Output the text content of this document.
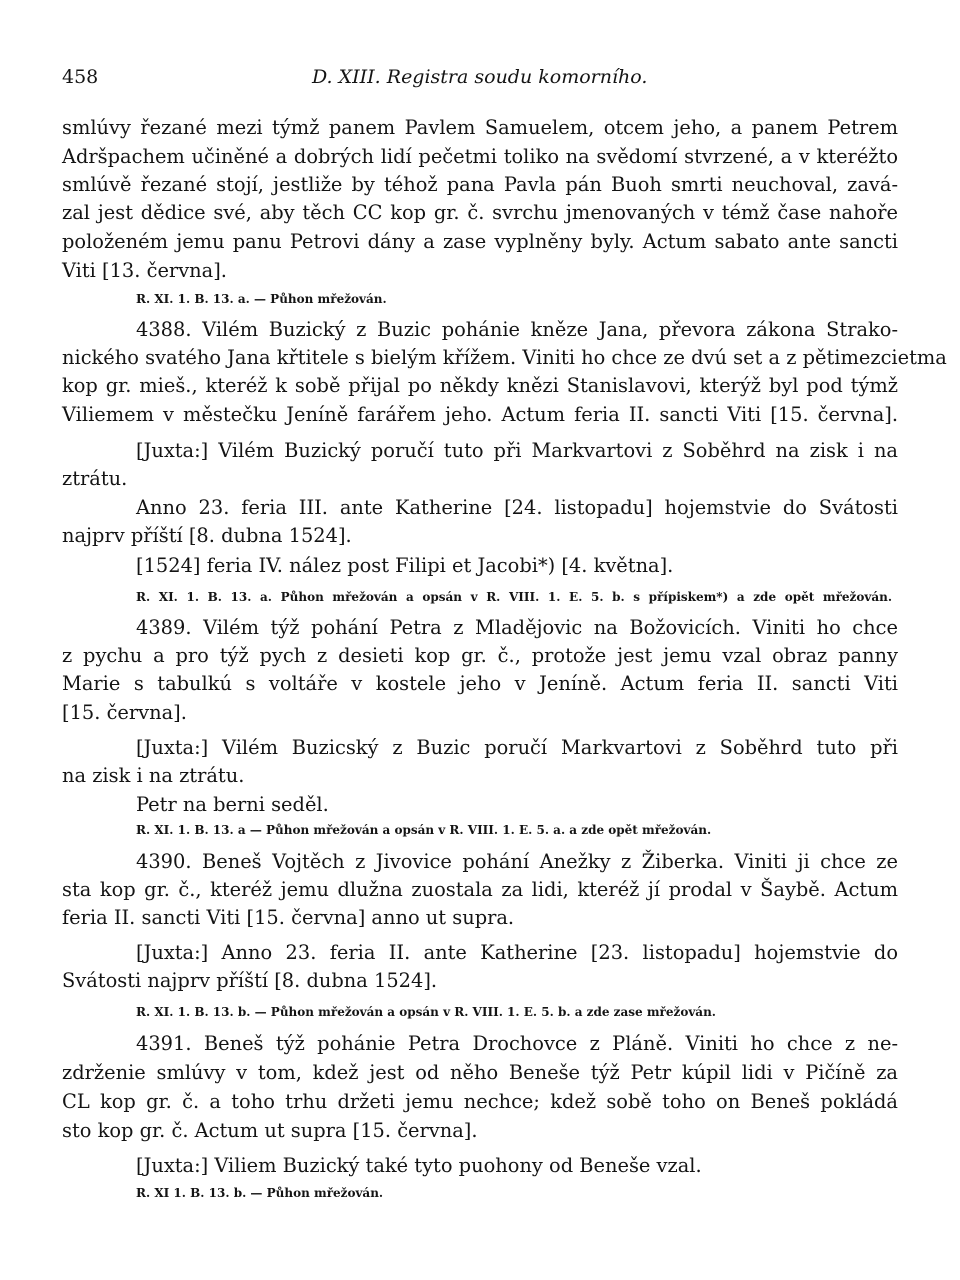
458	D. XIII. Registra soudu komorního.
smlúvy řezané mezi týmž panem Pavlem Samuelem, otcem jeho, a panem Petrem
Adršpachem učiněné a dobrých lidí pečetmi toliko na svědomí stvrzené, a v kteréžto
smlúvě řezané stojí, jestliže by téhož pana Pavla pán Buoh smrti neuchoval, zavá-
zal jest dědice své, aby těch CC kop gr. č. svrchu jmenovaných v témž čase nahoře
položeném jemu panu Petrovi dány a zase vyplněny byly. Actum sabato ante sancti
Viti [13. června].
R. XI. 1. B. 13. a. — Půhon mřežován.
4388. Vilém Buzický z Buzic pohánie kněze Jana, převora zákona Strako-
nického svatého Jana křtitele s bielým křížem. Viniti ho chce ze dvú set a z pětimezcietma
kop gr. mieš., kteréž k sobě přijal po někdy knězi Stanislavovi, kterýž byl pod týmž
Viliemem v městečku Jeníně farářem jeho. Actum feria II. sancti Viti [15. června].
[Juxta:] Vilém Buzický poručí tuto při Markvartovi z Soběhrd na zisk i na
ztrátu.
Anno 23. feria III. ante Katherine [24. listopadu] hojemstvie do Svátosti
najprv příští [8. dubna 1524].
[1524] feria IV. nález post Filipi et Jacobi*) [4. května].
R. XI. 1. B. 13. a. Půhon mřežován a opsán v R. VIII. 1. E. 5. b. s přípiskem*) a zde opět mřežován.
4389. Vilém týž pohání Petra z Mladějovic na Božovicích. Viniti ho chce
z pychu a pro týž pych z desieti kop gr. č., protože jest jemu vzal obraz panny
Marie s tabulkú s voltáře v kostele jeho v Jeníně. Actum feria II. sancti Viti
[15. června].
[Juxta:] Vilém Buzicský z Buzic poručí Markvartovi z Soběhrd tuto při
na zisk i na ztrátu.
Petr na berni seděl.
R. XI. 1. B. 13. a — Půhon mřežován a opsán v R. VIII. 1. E. 5. a. a zde opět mřežován.
4390. Beneš Vojtěch z Jivovice pohání Anežky z Žiberka. Viniti ji chce ze
sta kop gr. č., kteréž jemu dlužna zuostala za lidi, kteréž jí prodal v Šaybě. Actum
feria II. sancti Viti [15. června] anno ut supra.
[Juxta:] Anno 23. feria II. ante Katherine [23. listopadu] hojemstvie do
Svátosti najprv příští [8. dubna 1524].
R. XI. 1. B. 13. b. — Půhon mřežován a opsán v R. VIII. 1. E. 5. b. a zde zase mřežován.
4391. Beneš týž pohánie Petra Drochovce z Pláně. Viniti ho chce z ne-
zdrženie smlúvy v tom, kdež jest od něho Beneše týž Petr kúpil lidi v Pičíně za
CL kop gr. č. a toho trhu držeti jemu nechce; kdež sobě toho on Beneš pokládá
sto kop gr. č. Actum ut supra [15. června].
[Juxta:] Viliem Buzický také tyto puohony od Beneše vzal.
R. XI 1. B. 13. b. — Půhon mřežován.
